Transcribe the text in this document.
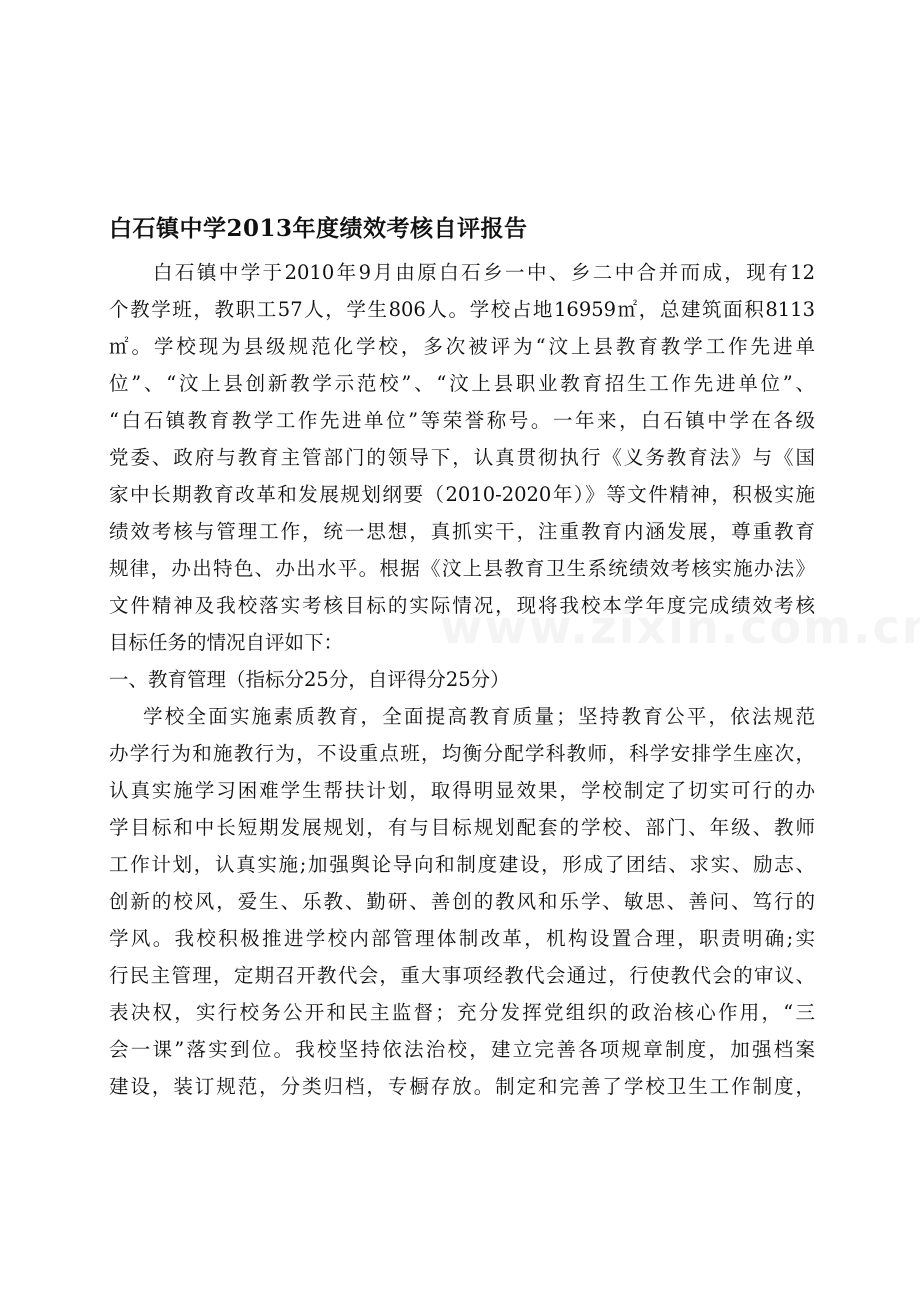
白石镇中学2013年度绩效考核自评报告
白石镇中学于2010年9月由原白石乡一中、乡二中合并而成，现有12
个教学班，教职工57人，学生806人。学校占地16959㎡，总建筑面积8113
㎡。学校现为县级规范化学校，多次被评为“汶上县教育教学工作先进单
位”、“汶上县创新教学示范校”、“汶上县职业教育招生工作先进单位”、
“白石镇教育教学工作先进单位”等荣誉称号。一年来，白石镇中学在各级
党委、政府与教育主管部门的领导下，认真贯彻执行《义务教育法》与《国
家中长期教育改革和发展规划纲要（2010-2020年）》等文件精神，积极实施
绩效考核与管理工作，统一思想，真抓实干，注重教育内涵发展，尊重教育
规律，办出特色、办出水平。根据《汶上县教育卫生系统绩效考核实施办法》
文件精神及我校落实考核目标的实际情况，现将我校本学年度完成绩效考核
目标任务的情况自评如下：
一、教育管理（指标分25分，自评得分25分）
学校全面实施素质教育，全面提高教育质量；坚持教育公平，依法规范
办学行为和施教行为，不设重点班，均衡分配学科教师，科学安排学生座次，
认真实施学习困难学生帮扶计划，取得明显效果，学校制定了切实可行的办
学目标和中长短期发展规划，有与目标规划配套的学校、部门、年级、教师
工作计划，认真实施;加强舆论导向和制度建设，形成了团结、求实、励志、
创新的校风，爱生、乐教、勤研、善创的教风和乐学、敏思、善问、笃行的
学风。我校积极推进学校内部管理体制改革，机构设置合理，职责明确;实
行民主管理，定期召开教代会，重大事项经教代会通过，行使教代会的审议、
表决权，实行校务公开和民主监督；充分发挥党组织的政治核心作用，“三
会一课”落实到位。我校坚持依法治校，建立完善各项规章制度，加强档案
建设，装订规范，分类归档，专橱存放。制定和完善了学校卫生工作制度，
